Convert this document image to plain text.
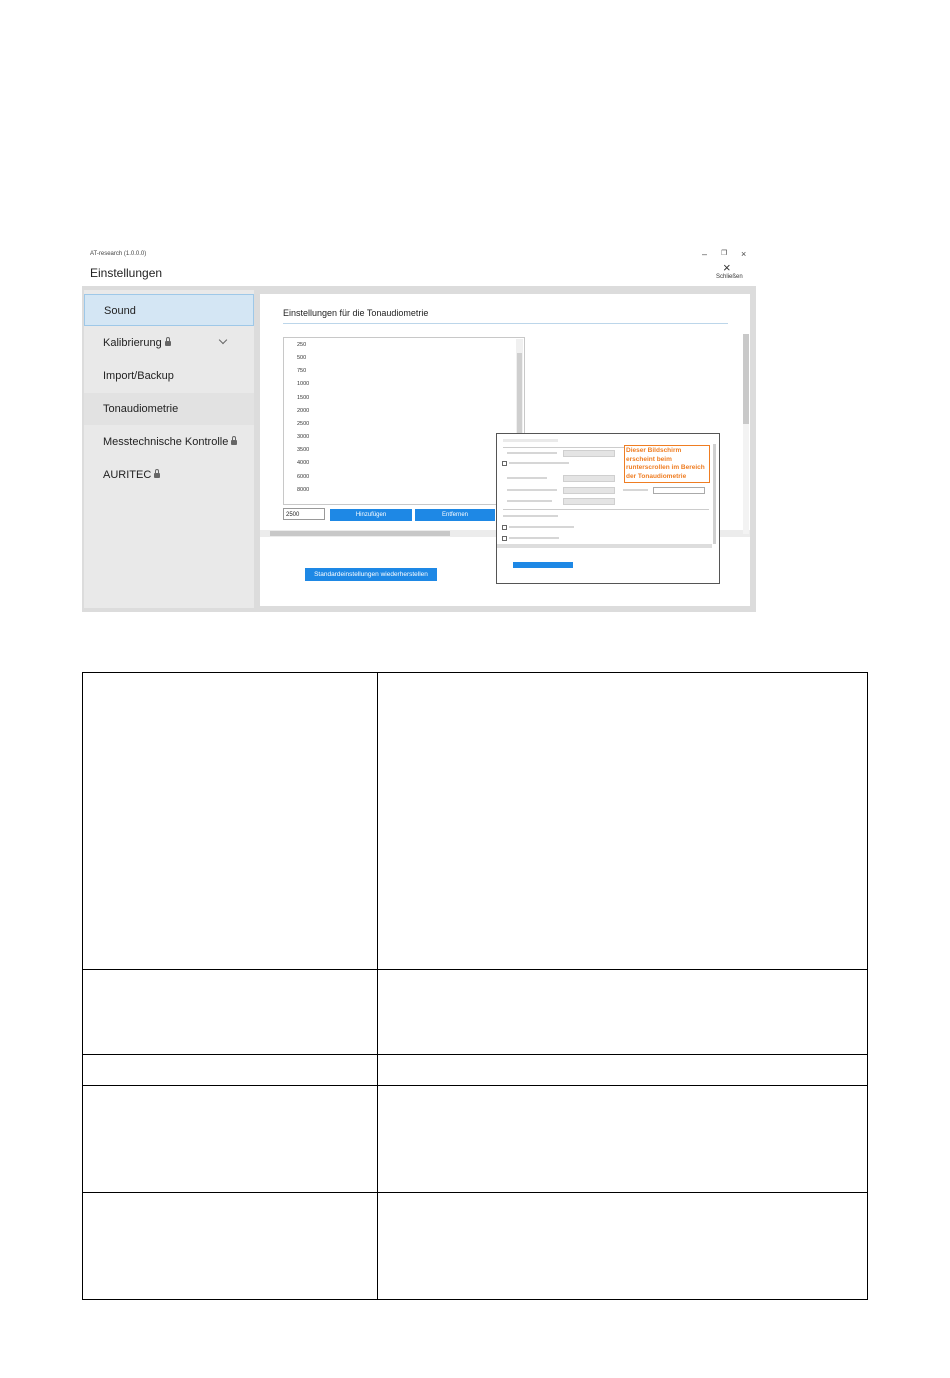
AT-research (1.0.0.0)	– ❐ ×
Einstellungen	×
Schließen
Sound
Kalibrierung
Import/Backup
Tonaudiometrie
Messtechnische Kontrolle
AURITEC
Einstellungen für die Tonaudiometrie
250
500
750
1000
1500
2000
2500
3000
3500
4000
6000
8000
2500	Hinzufügen	Entfernen
Standardeinstellungen wiederherstellen
Dieser Bildschirm erscheint beim runterscrollen im Bereich der Tonaudiometrie
